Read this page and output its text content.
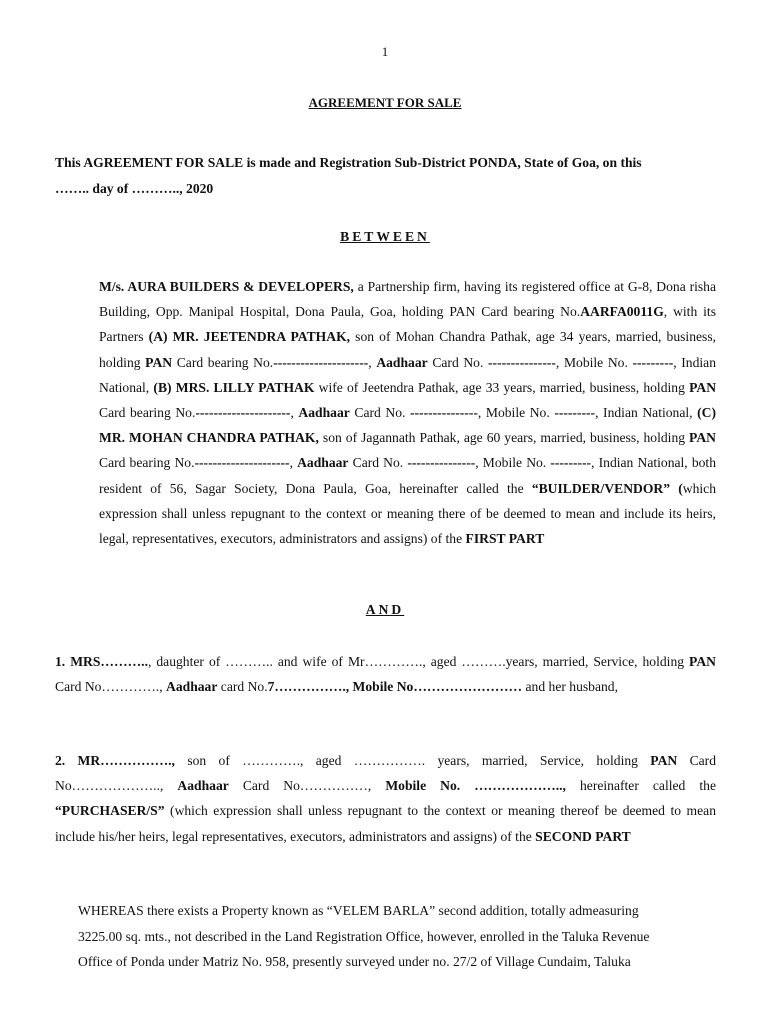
1
AGREEMENT FOR SALE

This AGREEMENT FOR SALE is made and Registration Sub-District PONDA, State of Goa, on this

…….. day of ……….., 2020

BETWEEN

M/s. AURA BUILDERS & DEVELOPERS, a Partnership firm, having its registered office at G-8, Dona risha Building, Opp. Manipal Hospital, Dona Paula, Goa, holding PAN Card bearing No.AARFA0011G, with its Partners (A) MR. JEETENDRA PATHAK, son of Mohan Chandra Pathak, age 34 years, married, business, holding PAN Card bearing No.---------------------, Aadhaar Card No. ---------------, Mobile No. ---------, Indian National, (B) MRS. LILLY PATHAK wife of Jeetendra Pathak, age 33 years, married, business, holding PAN Card bearing No.---------------------, Aadhaar Card No. ---------------, Mobile No. ---------, Indian National, (C) MR. MOHAN CHANDRA PATHAK, son of Jagannath Pathak, age 60 years, married, business, holding PAN Card bearing No.---------------------, Aadhaar Card No. ---------------, Mobile No. ---------, Indian National, both resident of 56, Sagar Society, Dona Paula, Goa, hereinafter called the “BUILDER/VENDOR” (which expression shall unless repugnant to the context or meaning there of be deemed to mean and include its heirs, legal, representatives, executors, administrators and assigns) of the FIRST PART

AND

1. MRS……….., daughter of ……….. and wife of Mr…………., aged ……….years, married, Service, holding PAN Card No…………., Aadhaar card No.7……………., Mobile No…………………… and her husband,

2. MR……………., son of …………., aged ……………. years, married, Service, holding PAN Card No……………….., Aadhaar Card No……………, Mobile No. ……………….., hereinafter called the “PURCHASER/S” (which expression shall unless repugnant to the context or meaning thereof be deemed to mean include his/her heirs, legal representatives, executors, administrators and assigns) of the SECOND PART

WHEREAS there exists a Property known as “VELEM BARLA” second addition, totally admeasuring
3225.00 sq. mts., not described in the Land Registration Office, however, enrolled in the Taluka Revenue
Office of Ponda under Matriz No. 958, presently surveyed under no. 27/2 of Village Cundaim, Taluka
